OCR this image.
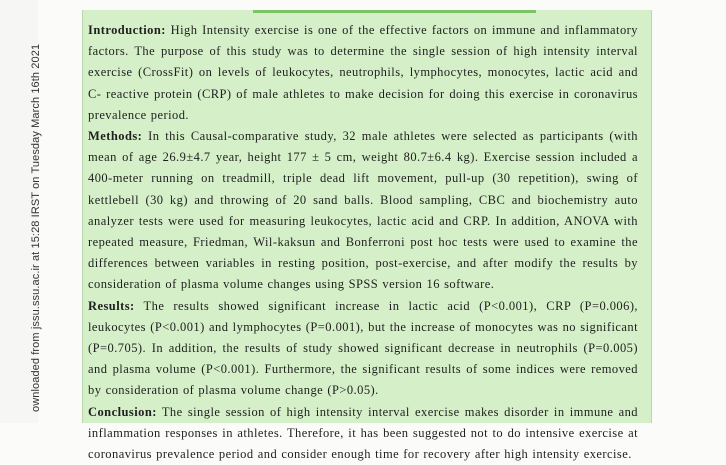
ownloaded from jssu.ssu.ac.ir at 15:28 IRST on Tuesday March 16th 2021

Introduction: High Intensity exercise is one of the effective factors on immune and inflammatory factors. The purpose of this study was to determine the single session of high intensity interval exercise (CrossFit) on levels of leukocytes, neutrophils, lymphocytes, monocytes, lactic acid and C- reactive protein (CRP) of male athletes to make decision for doing this exercise in coronavirus prevalence period.

Methods: In this Causal-comparative study, 32 male athletes were selected as participants (with mean of age 26.9±4.7 year, height 177 ± 5 cm, weight 80.7±6.4 kg). Exercise session included a 400-meter running on treadmill, triple dead lift movement, pull-up (30 repetition), swing of kettlebell (30 kg) and throwing of 20 sand balls. Blood sampling, CBC and biochemistry auto analyzer tests were used for measuring leukocytes, lactic acid and CRP. In addition, ANOVA with repeated measure, Friedman, Wil-kaksun and Bonferroni post hoc tests were used to examine the differences between variables in resting position, post-exercise, and after modify the results by consideration of plasma volume changes using SPSS version 16 software.

Results: The results showed significant increase in lactic acid (P<0.001), CRP (P=0.006), leukocytes (P<0.001) and lymphocytes (P=0.001), but the increase of monocytes was no significant (P=0.705). In addition, the results of study showed significant decrease in neutrophils (P=0.005) and plasma volume (P<0.001). Furthermore, the significant results of some indices were removed by consideration of plasma volume change (P>0.05).

Conclusion: The single session of high intensity interval exercise makes disorder in immune and inflammation responses in athletes. Therefore, it has been suggested not to do intensive exercise at coronavirus prevalence period and consider enough time for recovery after high intensity exercise.
